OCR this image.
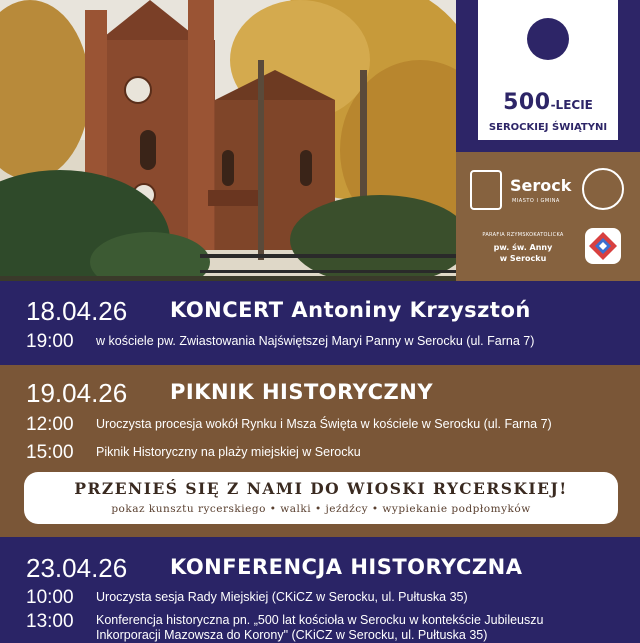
500-LECIE
SEROCKIEJ ŚWIĄTYNI
Serock
MIASTO I GMINA
PARAFIA RZYMSKOKATOLICKA
pw. św. Anny
w Serocku
18.04.26 KONCERT Antoniny Krzysztoń
19:00 w kościele pw. Zwiastowania Najświętszej Maryi Panny w Serocku (ul. Farna 7)
19.04.26 PIKNIK HISTORYCZNY
12:00 Uroczysta procesja wokół Rynku i Msza Święta w kościele w Serocku (ul. Farna 7)
15:00 Piknik Historyczny na plaży miejskiej w Serocku
PRZENIEŚ SIĘ Z NAMI DO WIOSKI RYCERSKIEJ!
pokaz kunsztu rycerskiego • walki • jeźdźcy • wypiekanie podpłomyków
23.04.26 KONFERENCJA HISTORYCZNA
10:00 Uroczysta sesja Rady Miejskiej (CKiCZ w Serocku, ul. Pułtuska 35)
13:00 Konferencja historyczna pn. „500 lat kościoła w Serocku w kontekście Jubileuszu
Inkorporacji Mazowsza do Korony" (CKiCZ w Serocku, ul. Pułtuska 35)
